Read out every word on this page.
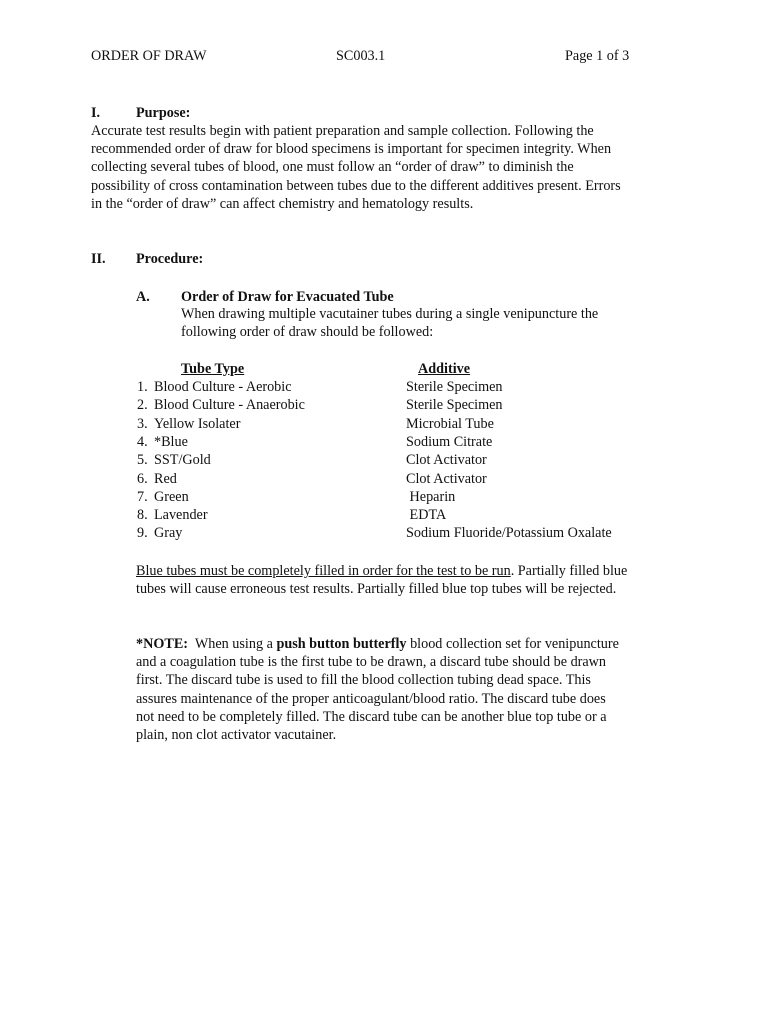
ORDER OF DRAW	SC003.1	Page 1 of 3
I.	Purpose:
Accurate test results begin with patient preparation and sample collection. Following the
recommended order of draw for blood specimens is important for specimen integrity. When
collecting several tubes of blood, one must follow an “order of draw” to diminish the
possibility of cross contamination between tubes due to the different additives present. Errors
in the “order of draw” can affect chemistry and hematology results.
II. Procedure:
A. Order of Draw for Evacuated Tube
When drawing multiple vacutainer tubes during a single venipuncture the
following order of draw should be followed:
Tube Type	Additive
1. Blood Culture - Aerobic	Sterile Specimen
2. Blood Culture - Anaerobic	Sterile Specimen
3. Yellow Isolater	Microbial Tube
4. *Blue	Sodium Citrate
5. SST/Gold	Clot Activator
6. Red	Clot Activator
7. Green	Heparin
8. Lavender	EDTA
9. Gray	Sodium Fluoride/Potassium Oxalate
Blue tubes must be completely filled in order for the test to be run. Partially filled blue
tubes will cause erroneous test results. Partially filled blue top tubes will be rejected.
*NOTE:  When using a push button butterfly blood collection set for venipuncture
and a coagulation tube is the first tube to be drawn, a discard tube should be drawn
first. The discard tube is used to fill the blood collection tubing dead space. This
assures maintenance of the proper anticoagulant/blood ratio. The discard tube does
not need to be completely filled. The discard tube can be another blue top tube or a
plain, non clot activator vacutainer.
